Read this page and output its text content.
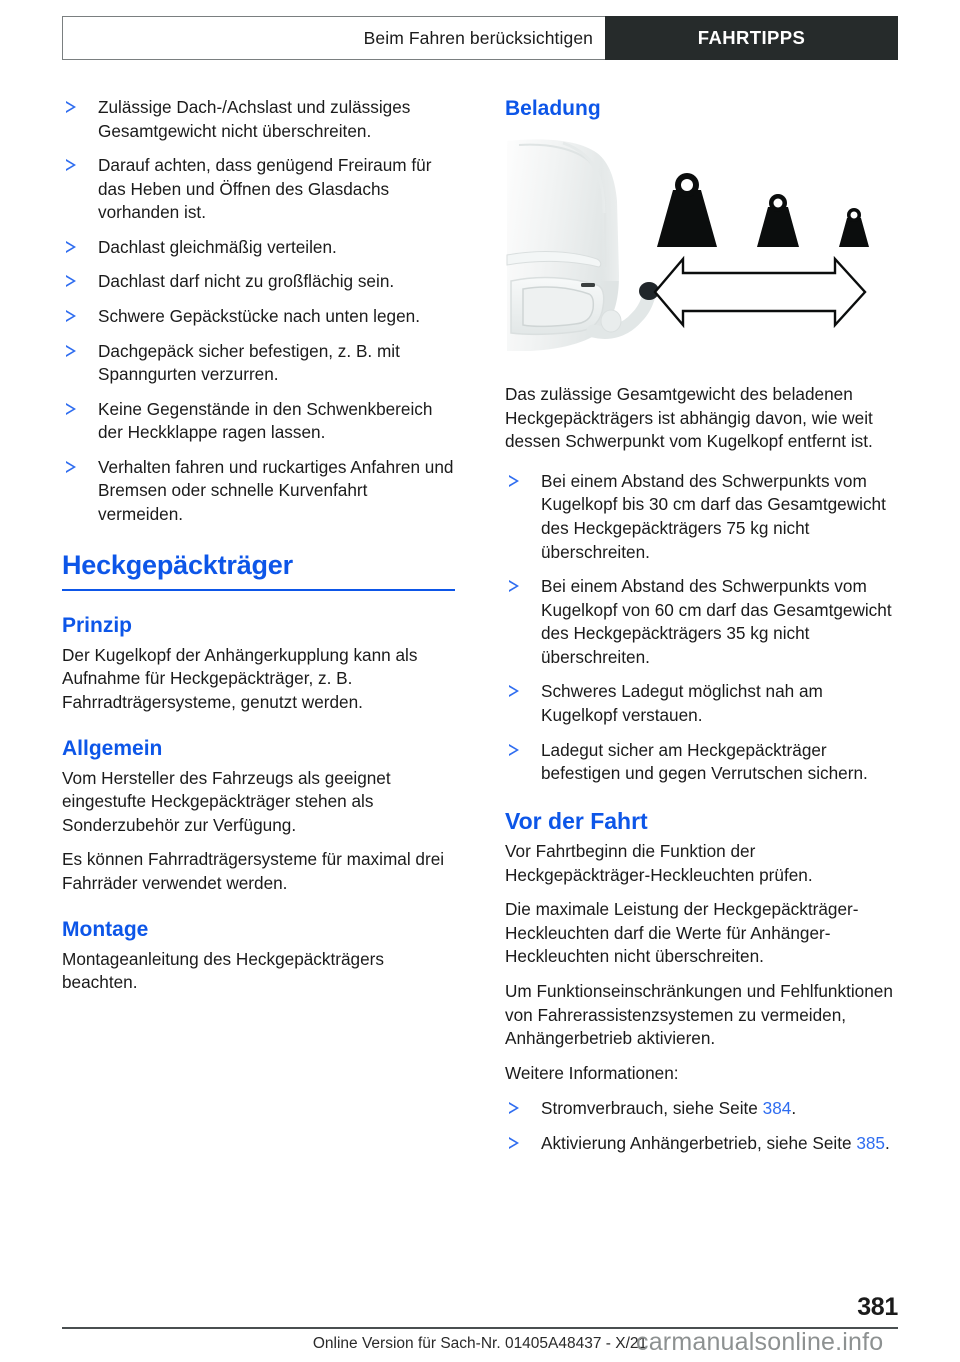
Beim Fahren berücksichtigen	FAHRTIPPS
Zulässige Dach-/Achslast und zulässiges Gesamtgewicht nicht überschreiten.
Darauf achten, dass genügend Freiraum für das Heben und Öffnen des Glasdachs vorhanden ist.
Dachlast gleichmäßig verteilen.
Dachlast darf nicht zu großflächig sein.
Schwere Gepäckstücke nach unten legen.
Dachgepäck sicher befestigen, z. B. mit Spanngurten verzurren.
Keine Gegenstände in den Schwenkbereich der Heckklappe ragen lassen.
Verhalten fahren und ruckartiges Anfahren und Bremsen oder schnelle Kurvenfahrt vermeiden.
Heckgepäckträger
Prinzip

Der Kugelkopf der Anhängerkupplung kann als Aufnahme für Heckgepäckträger, z. B. Fahrradträgersysteme, genutzt werden.

Allgemein

Vom Hersteller des Fahrzeugs als geeignet eingestufte Heckgepäckträger stehen als Sonderzubehör zur Verfügung.

Es können Fahrradträgersysteme für maximal drei Fahrräder verwendet werden.

Montage

Montageanleitung des Heckgepäckträgers beachten.

Beladung

Das zulässige Gesamtgewicht des beladenen Heckgepäckträgers ist abhängig davon, wie weit dessen Schwerpunkt vom Kugelkopf entfernt ist.

Bei einem Abstand des Schwerpunkts vom Kugelkopf bis 30 cm darf das Gesamtgewicht des Heckgepäckträgers 75 kg nicht überschreiten.
Bei einem Abstand des Schwerpunkts vom Kugelkopf von 60 cm darf das Gesamtgewicht des Heckgepäckträgers 35 kg nicht überschreiten.
Schweres Ladegut möglichst nah am Kugelkopf verstauen.
Ladegut sicher am Heckgepäckträger befestigen und gegen Verrutschen sichern.
Vor der Fahrt

Vor Fahrtbeginn die Funktion der Heckgepäckträger-Heckleuchten prüfen.

Die maximale Leistung der Heckgepäckträger-Heckleuchten darf die Werte für Anhänger-Heckleuchten nicht überschreiten.

Um Funktionseinschränkungen und Fehlfunktionen von Fahrerassistenzsystemen zu vermeiden, Anhängerbetrieb aktivieren.

Weitere Informationen:

Stromverbrauch, siehe Seite 384.
Aktivierung Anhängerbetrieb, siehe Seite 385.
381
Online Version für Sach-Nr. 01405A48437 - X/21
carmanualsonline.info
